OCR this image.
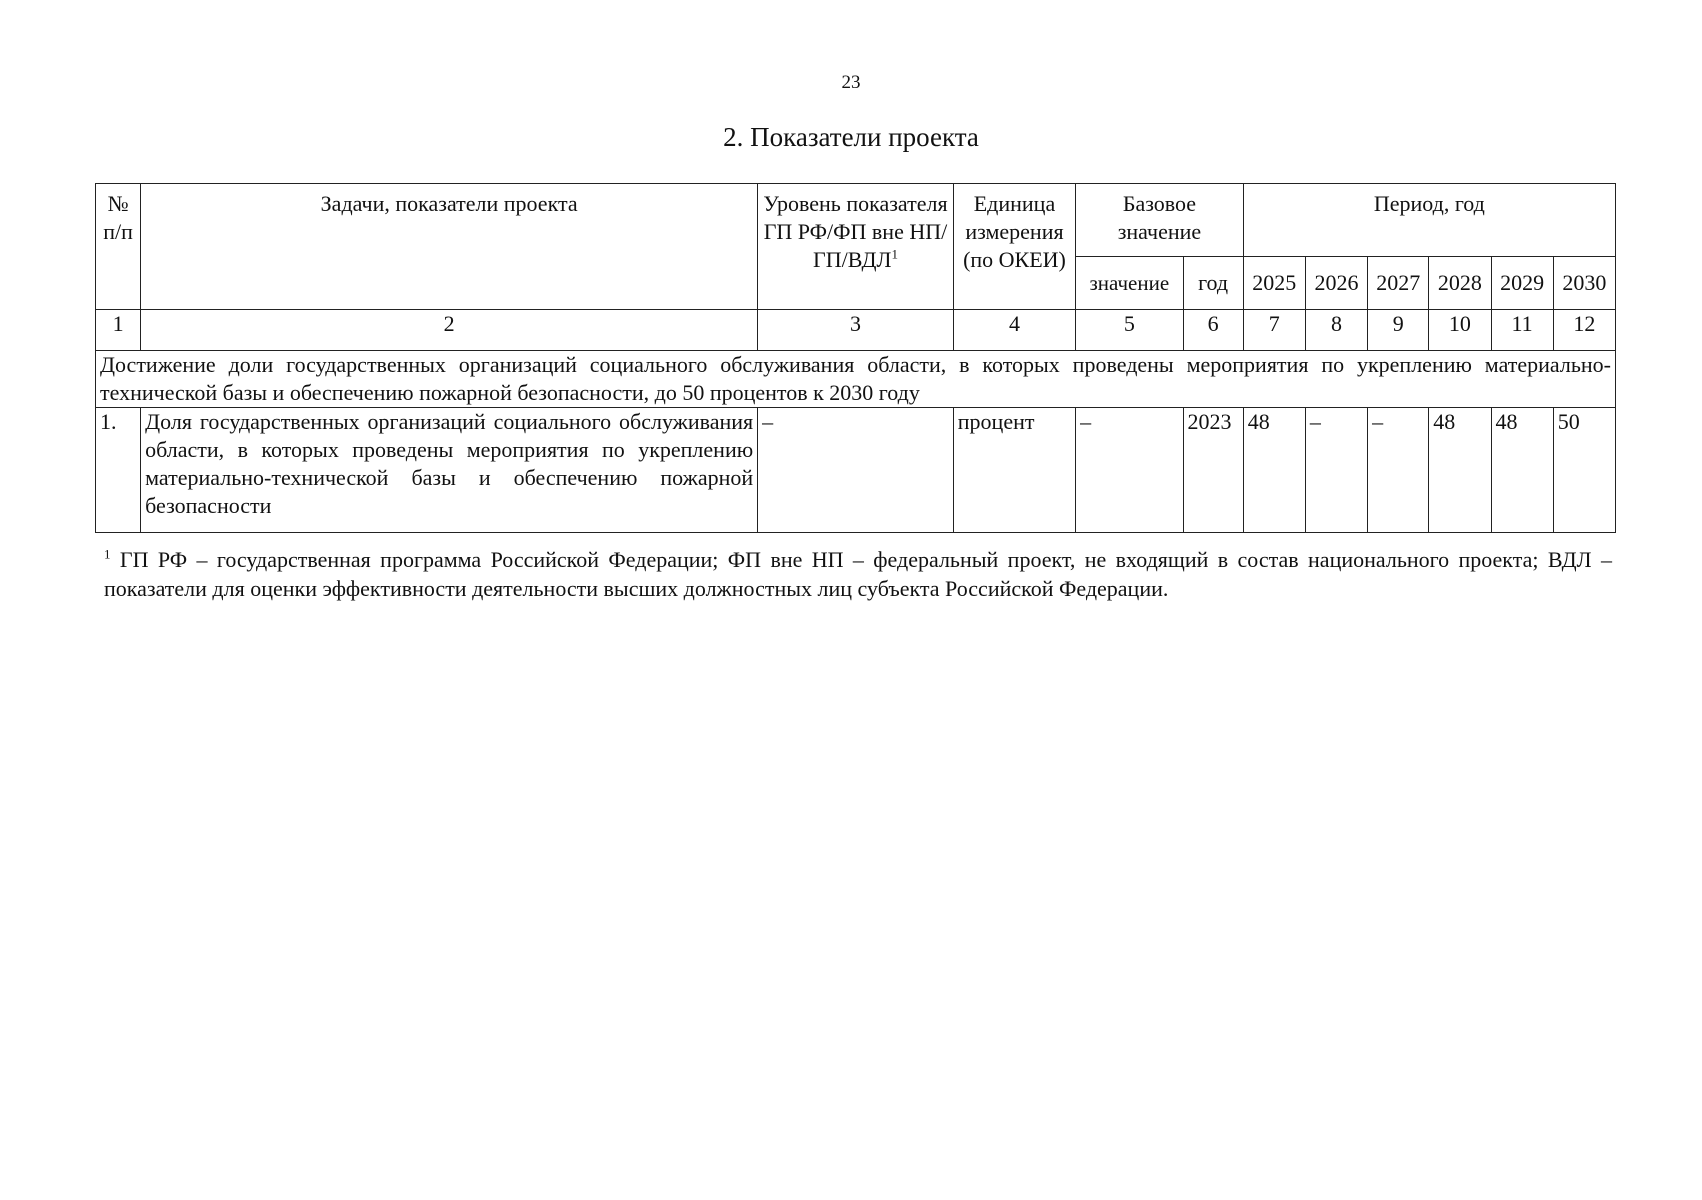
23
2. Показатели проекта
№ п/п	Задачи, показатели проекта	Уровень показателя ГП РФ/ФП вне НП/ГП/ВДЛ$^1$	Единица измерения (по ОКЕИ)	Базовое значение		Период, год					
				значение	год	2025	2026	2027	2028	2029	2030
1	2	3	4	5	6	7	8	9	10	11	12
Достижение доли государственных организаций социального обслуживания области, в которых проведены мероприятия по укреплению материально-технической базы и обеспечению пожарной безопасности, до 50 процентов к 2030 году											
1.	Доля государственных организаций социального обслуживания области, в которых проведены мероприятия по укреплению материально-технической базы и обеспечению пожарной безопасности	–	процент	–	2023	48	–	–	48	48	50
$^1$ ГП РФ – государственная программа Российской Федерации; ФП вне НП – федеральный проект, не входящий в состав национального проекта; ВДЛ – показатели для оценки эффективности деятельности высших должностных лиц субъекта Российской Федерации.
